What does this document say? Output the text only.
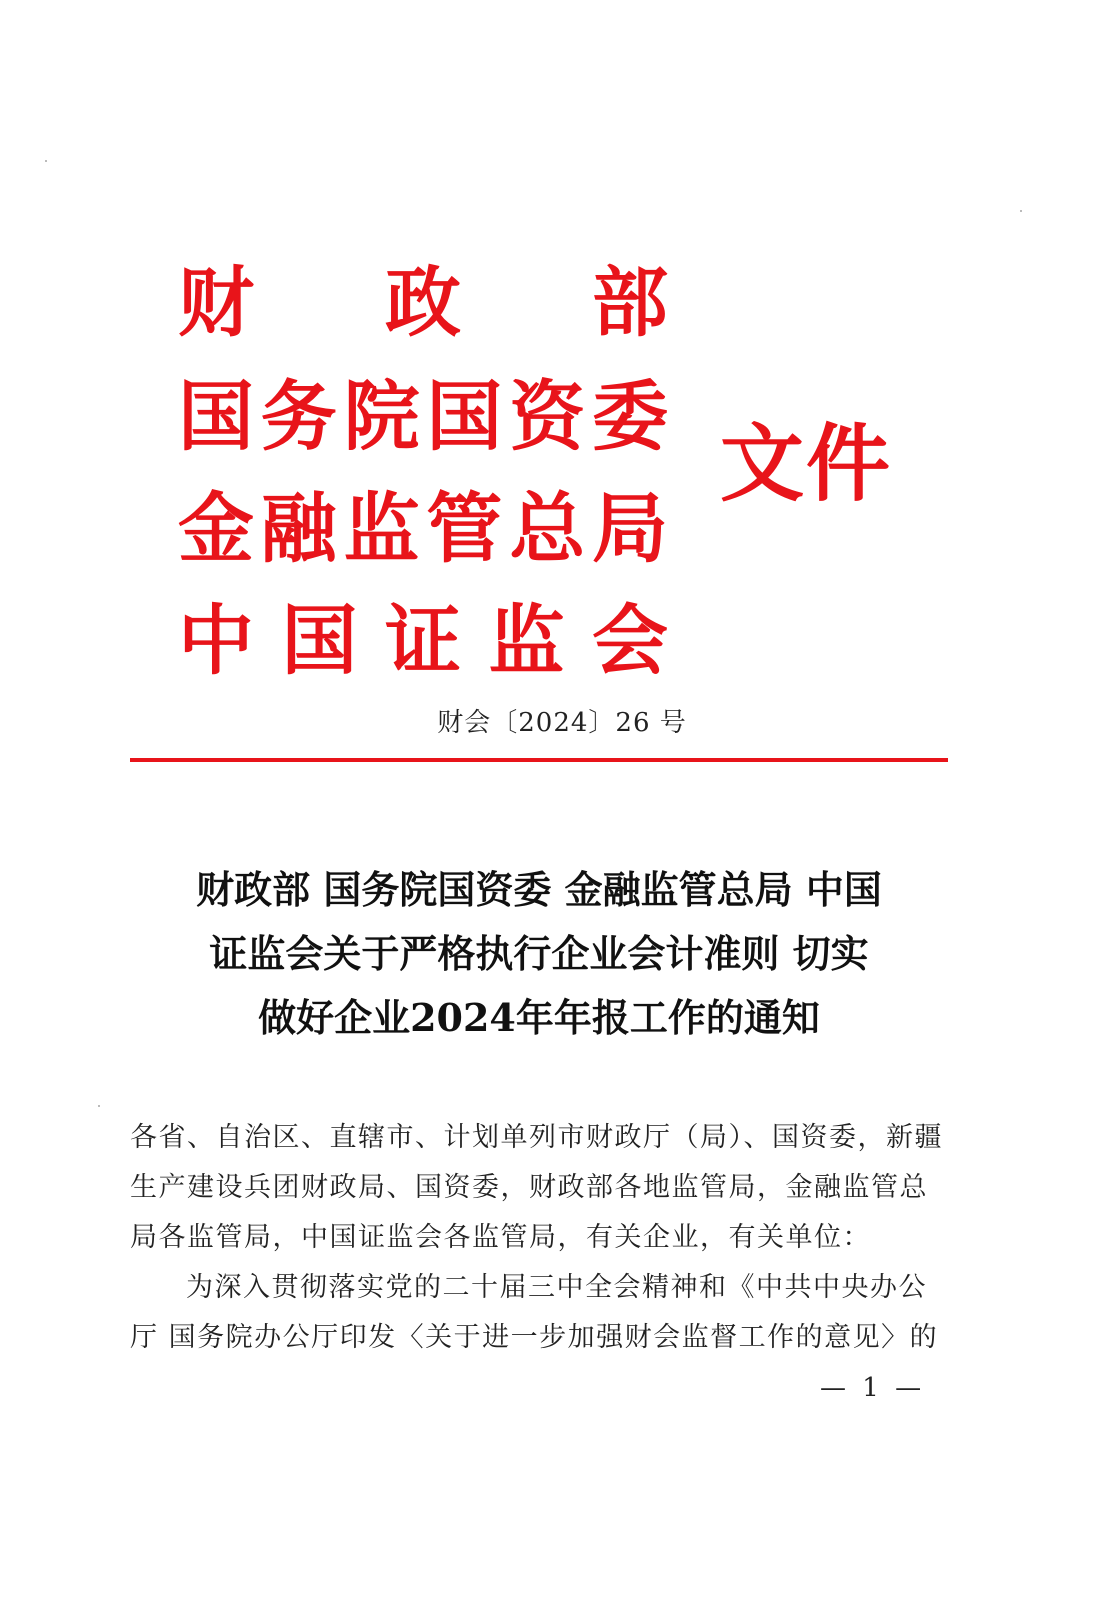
财 政 部
国 务 院 国 资 委
金 融 监 管 总 局
中 国 证 监 会
文件
财会〔2024〕26 号
财政部 国务院国资委 金融监管总局 中国
证监会关于严格执行企业会计准则 切实
做好企业2024年年报工作的通知
各省、自治区、直辖市、计划单列市财政厅（局）、国资委，新疆
生产建设兵团财政局、国资委，财政部各地监管局，金融监管总
局各监管局，中国证监会各监管局，有关企业，有关单位：
为深入贯彻落实党的二十届三中全会精神和《中共中央办公
厅 国务院办公厅印发〈关于进一步加强财会监督工作的意见〉的
— 1 —
